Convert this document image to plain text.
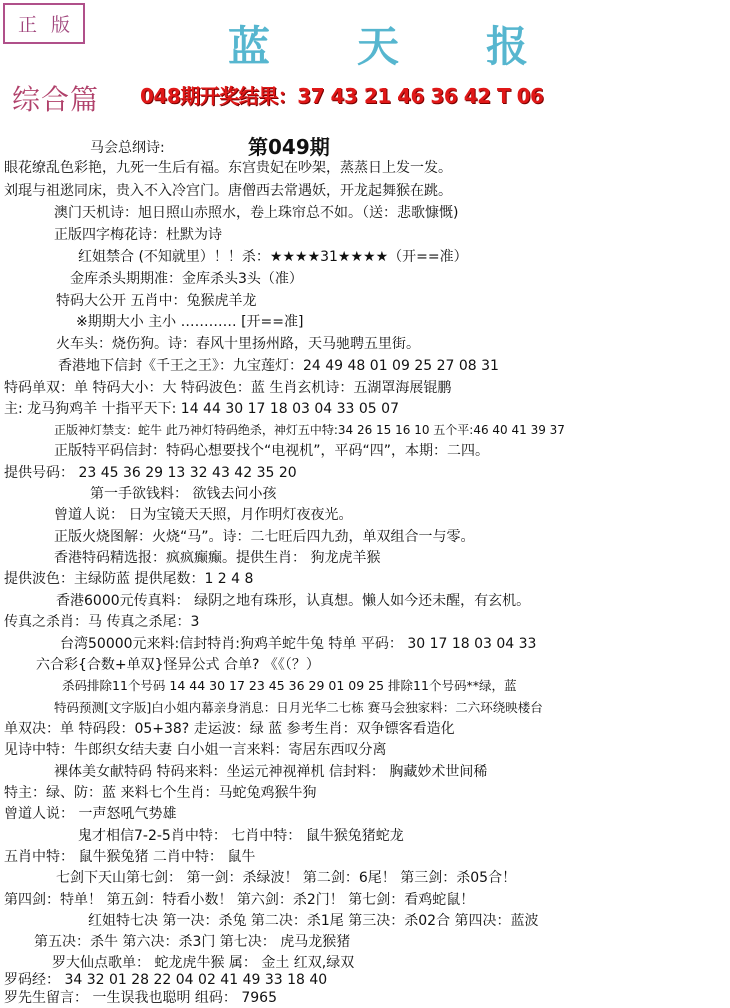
正 版	蓝 天 报
综合篇 048期开奖结果：37 43 21 46 36 42 T 06
第049期
马会总纲诗:
眼花缭乱色彩艳，九死一生后有福。东宫贵妃在吵架，蒸蒸日上发一发。
刘琨与祖逖同床，贵入不入冷宫门。唐僧西去常遇妖，开龙起舞猴在跳。
澳门天机诗：旭日照山赤照水，卷上珠帘总不如。（送：悲歌慷慨)
正版四字梅花诗：杜默为诗
红姐禁合 (不知就里）！！杀：★★★★31★★★★（开==准）
金库杀头期期准：金库杀头3头（准）
特码大公开 五肖中：兔猴虎羊龙
※期期大小 主小 ………… [开==准]
火车头：烧伤狗。诗：春风十里扬州路，天马驰聘五里街。
香港地下信封《千王之王》：九宝莲灯：24 49 48 01 09 25 27 08 31
特码单双：单 特码大小：大 特码波色：蓝 生肖玄机诗：五湖罩海展锟鹏
主: 龙马狗鸡羊 十指平天下: 14 44 30 17 18 03 04 33 05 07
正版神灯禁支：蛇牛 此乃神灯特码绝杀，神灯五中特:34 26 15 16 10 五个平:46 40 41 39 37
正版特平码信封：特码心想要找个“电视机”，平码“四”，本期：二四。
提供号码： 23 45 36 29 13 32 43 42 35 20
第一手欲钱料： 欲钱去问小孩
曾道人说： 日为宝镜天天照，月作明灯夜夜光。
正版火烧图解：火烧“马”。诗：二七旺后四九劲，单双组合一与零。
香港特码精选报：疯疯癫癫。提供生肖： 狗龙虎羊猴
提供波色：主绿防蓝 提供尾数：1 2 4 8
香港6000元传真料： 绿阴之地有珠形，认真想。懒人如今还未醒，有玄机。
传真之杀肖：马 传真之杀尾：3
台湾50000元来料:信封特肖:狗鸡羊蛇牛兔 特单 平码： 30 17 18 03 04 33
六合彩{合数+单双}怪异公式 合单? 《《（？）
杀码排除11个号码 14 44 30 17 23 45 36 29 01 09 25 排除11个号码**绿，蓝
特码预测[文字版]白小姐内幕亲身消息：日月光华二七栋 赛马会独家料：二六环绕映楼台
单双决：单 特码段：05+38? 走运波：绿 蓝 参考生肖：双争镖客看造化
见诗中特：牛郎织女结夫妻 白小姐一言来料：寄居东西叹分离
裸体美女献特码 特码来料：坐运元神视禅机 信封料： 胸藏妙术世间稀
特主：绿、防：蓝 来料七个生肖：马蛇兔鸡猴牛狗
曾道人说： 一声怒吼气势雄
鬼才相信7-2-5肖中特： 七肖中特： 鼠牛猴兔猪蛇龙
五肖中特： 鼠牛猴兔猪 二肖中特： 鼠牛
七剑下天山第七剑： 第一剑：杀绿波！ 第二剑：6尾！ 第三剑：杀05合！
第四剑：特单！ 第五剑：特看小数！ 第六剑：杀2门！ 第七剑：看鸡蛇鼠！
红姐特七决 第一决：杀兔 第二决：杀1尾 第三决：杀02合 第四决：蓝波
第五决：杀牛 第六决：杀3门 第七决： 虎马龙猴猪
罗大仙点歌单： 蛇龙虎牛猴 属： 金土 红双,绿双
罗码经： 34 32 01 28 22 04 02 41 49 33 18 40
罗先生留言： 一生误我也聪明 组码： 7965
